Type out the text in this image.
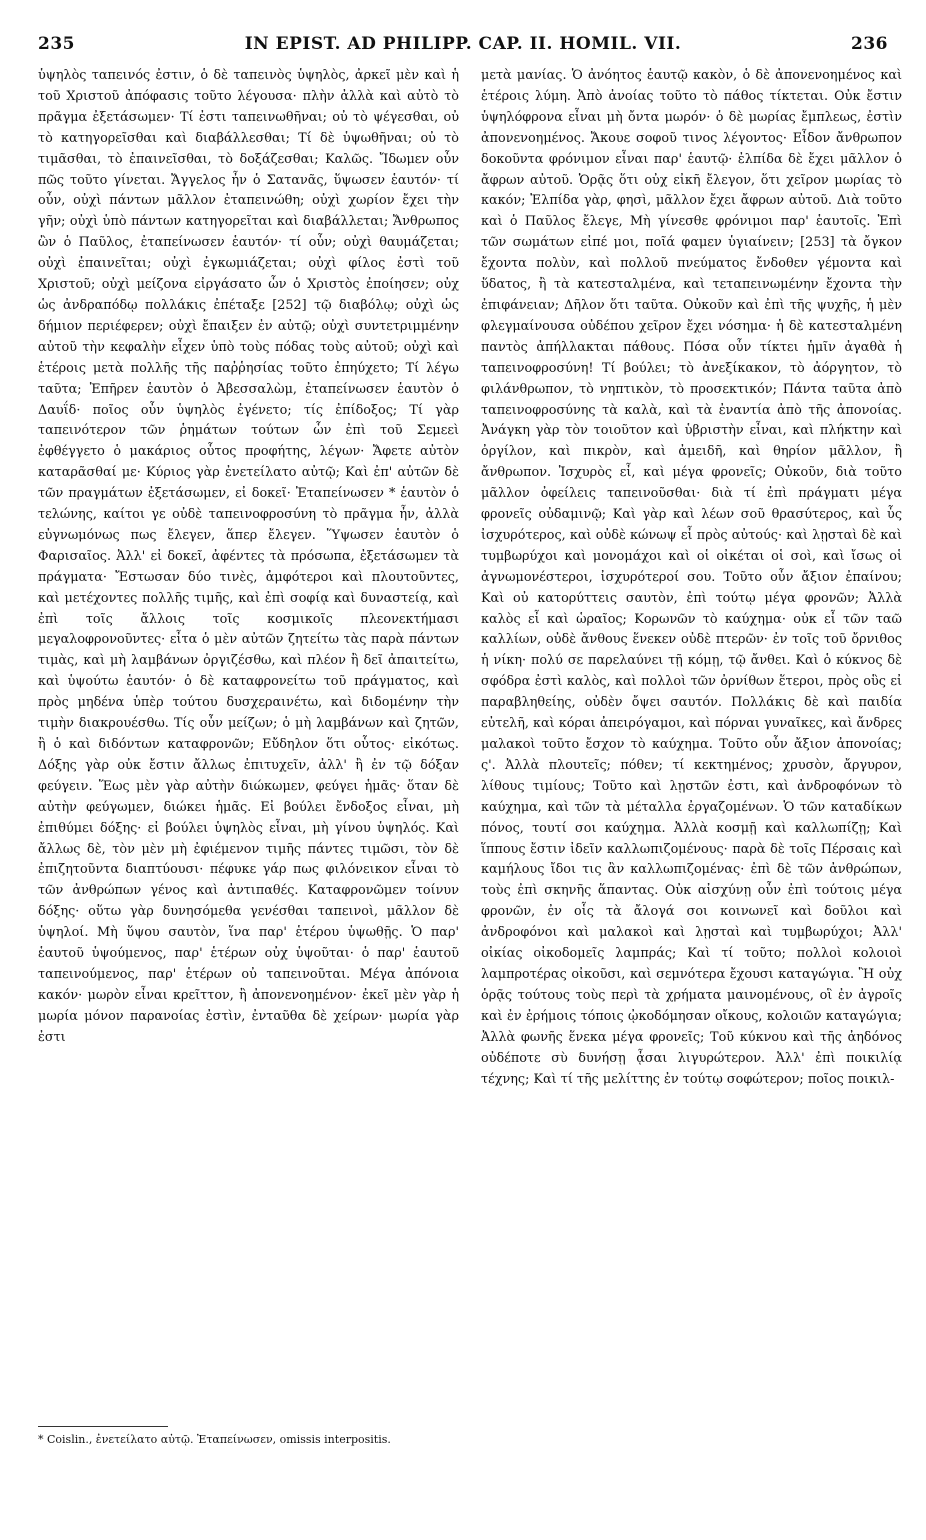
235	IN EPIST. AD PHILIPP. CAP. II. HOMIL. VII.	236

ὑψηλὸς ταπεινός ἐστιν, ὁ δὲ ταπεινὸς ὑψηλὸς, ἀρκεῖ μὲν καὶ ἡ τοῦ Χριστοῦ ἀπόφασις τοῦτο λέγουσα· πλὴν ἀλλὰ καὶ αὐτὸ τὸ πρᾶγμα ἐξετάσωμεν· Τί ἐστι ταπεινωθῆναι; οὐ τὸ ψέγεσθαι, οὐ τὸ κατηγορεῖσθαι καὶ διαβάλλεσθαι; Τί δὲ ὑψωθῆναι; οὐ τὸ τιμᾶσθαι, τὸ ἐπαινεῖσθαι, τὸ δοξάζεσθαι; Καλῶς. Ἴδωμεν οὖν πῶς τοῦτο γίνεται. Ἄγγελος ἦν ὁ Σατανᾶς, ὕψωσεν ἑαυτόν· τί οὖν, οὐχὶ πάντων μᾶλλον ἐταπεινώθη; οὐχὶ χωρίον ἔχει τὴν γῆν; οὐχὶ ὑπὸ πάντων κατηγορεῖται καὶ διαβάλλεται; Ἄνθρωπος ὢν ὁ Παῦλος, ἐταπείνωσεν ἑαυτόν· τί οὖν; οὐχὶ θαυμάζεται; οὐχὶ ἐπαινεῖται; οὐχὶ ἐγκωμιάζεται; οὐχὶ φίλος ἐστὶ τοῦ Χριστοῦ; οὐχὶ μείζονα εἰργάσατο ὧν ὁ Χριστὸς ἐποίησεν; οὐχ ὡς ἀνδραπόδῳ πολλάκις ἐπέταξε [252] τῷ διαβόλῳ; οὐχὶ ὡς δήμιον περιέφερεν; οὐχὶ ἔπαιξεν ἐν αὐτῷ; οὐχὶ συντετριμμένην αὐτοῦ τὴν κεφαλὴν εἶχεν ὑπὸ τοὺς πόδας τοὺς αὐτοῦ; οὐχὶ καὶ ἑτέροις μετὰ πολλῆς τῆς παῤῥησίας τοῦτο ἐπηύχετο; Τί λέγω ταῦτα; Ἐπῆρεν ἑαυτὸν ὁ Ἀβεσσαλὼμ, ἐταπείνωσεν ἑαυτὸν ὁ Δαυΐδ· ποῖος οὖν ὑψηλὸς ἐγένετο; τίς ἐπίδοξος; Τί γὰρ ταπεινότερον τῶν ῥημάτων τούτων ὧν ἐπὶ τοῦ Σεμεεὶ ἐφθέγγετο ὁ μακάριος οὗτος προφήτης, λέγων· Ἄφετε αὐτὸν καταρᾶσθαί με· Κύριος γὰρ ἐνετείλατο αὐτῷ; Καὶ ἐπ' αὐτῶν δὲ τῶν πραγμάτων ἐξετάσωμεν, εἰ δοκεῖ· Ἐταπείνωσεν * ἑαυτὸν ὁ τελώνης, καίτοι γε οὐδὲ ταπεινοφροσύνη τὸ πρᾶγμα ἦν, ἀλλὰ εὐγνωμόνως πως ἔλεγεν, ἅπερ ἔλεγεν. Ὕψωσεν ἑαυτὸν ὁ Φαρισαῖος. Ἀλλ' εἰ δοκεῖ, ἀφέντες τὰ πρόσωπα, ἐξετάσωμεν τὰ πράγματα· Ἔστωσαν δύο τινὲς, ἀμφότεροι καὶ πλουτοῦντες, καὶ μετέχοντες πολλῆς τιμῆς, καὶ ἐπὶ σοφίᾳ καὶ δυναστείᾳ, καὶ ἐπὶ τοῖς ἄλλοις τοῖς κοσμικοῖς πλεονεκτήμασι μεγαλοφρονοῦντες· εἶτα ὁ μὲν αὐτῶν ζητείτω τὰς παρὰ πάντων τιμὰς, καὶ μὴ λαμβάνων ὀργιζέσθω, καὶ πλέον ἢ δεῖ ἀπαιτείτω, καὶ ὑψούτω ἑαυτόν· ὁ δὲ καταφρονείτω τοῦ πράγματος, καὶ πρὸς μηδένα ὑπὲρ τούτου δυσχεραινέτω, καὶ διδομένην τὴν τιμὴν διακρουέσθω. Τίς οὖν μείζων; ὁ μὴ λαμβάνων καὶ ζητῶν, ἢ ὁ καὶ διδόντων καταφρονῶν; Εὔδηλον ὅτι οὗτος· εἰκότως. Δόξης γὰρ οὐκ ἔστιν ἄλλως ἐπιτυχεῖν, ἀλλ' ἢ ἐν τῷ δόξαν φεύγειν. Ἕως μὲν γὰρ αὐτὴν διώκωμεν, φεύγει ἡμᾶς· ὅταν δὲ αὐτὴν φεύγωμεν, διώκει ἡμᾶς. Εἰ βούλει ἔνδοξος εἶναι, μὴ ἐπιθύμει δόξης· εἰ βούλει ὑψηλὸς εἶναι, μὴ γίνου ὑψηλός. Καὶ ἄλλως δὲ, τὸν μὲν μὴ ἐφιέμενον τιμῆς πάντες τιμῶσι, τὸν δὲ ἐπιζητοῦντα διαπτύουσι· πέφυκε γάρ πως φιλόνεικον εἶναι τὸ τῶν ἀνθρώπων γένος καὶ ἀντιπαθές. Καταφρονῶμεν τοίνυν δόξης· οὕτω γὰρ δυνησόμεθα γενέσθαι ταπεινοὶ, μᾶλλον δὲ ὑψηλοί. Μὴ ὕψου σαυτὸν, ἵνα παρ' ἑτέρου ὑψωθῇς. Ὁ παρ' ἑαυτοῦ ὑψούμενος, παρ' ἑτέρων οὐχ ὑψοῦται· ὁ παρ' ἑαυτοῦ ταπεινούμενος, παρ' ἑτέρων οὐ ταπεινοῦται. Μέγα ἀπόνοια κακόν· μωρὸν εἶναι κρεῖττον, ἢ ἀπονενοημένον· ἐκεῖ μὲν γὰρ ἡ μωρία μόνον παρανοίας ἐστὶν, ἐνταῦθα δὲ χείρων· μωρία γὰρ ἐστι

μετὰ μανίας. Ὁ ἀνόητος ἑαυτῷ κακὸν, ὁ δὲ ἀπονενοημένος καὶ ἑτέροις λύμη. Ἀπὸ ἀνοίας τοῦτο τὸ πάθος τίκτεται. Οὐκ ἔστιν ὑψηλόφρονα εἶναι μὴ ὄντα μωρόν· ὁ δὲ μωρίας ἔμπλεως, ἐστὶν ἀπονενοημένος. Ἄκουε σοφοῦ τινος λέγοντος· Εἶδον ἄνθρωπον δοκοῦντα φρόνιμον εἶναι παρ' ἑαυτῷ· ἐλπίδα δὲ ἔχει μᾶλλον ὁ ἄφρων αὐτοῦ. Ὁρᾷς ὅτι οὐχ εἰκῆ ἔλεγον, ὅτι χεῖρον μωρίας τὸ κακόν; Ἐλπίδα γὰρ, φησὶ, μᾶλλον ἔχει ἄφρων αὐτοῦ. Διὰ τοῦτο καὶ ὁ Παῦλος ἔλεγε, Μὴ γίνεσθε φρόνιμοι παρ' ἑαυτοῖς. Ἐπὶ τῶν σωμάτων εἰπέ μοι, ποῖά φαμεν ὑγιαίνειν; [253] τὰ ὄγκον ἔχοντα πολὺν, καὶ πολλοῦ πνεύματος ἔνδοθεν γέμοντα καὶ ὕδατος, ἢ τὰ κατεσταλμένα, καὶ τεταπεινωμένην ἔχοντα τὴν ἐπιφάνειαν; Δῆλον ὅτι ταῦτα. Οὐκοῦν καὶ ἐπὶ τῆς ψυχῆς, ἡ μὲν φλεγμαίνουσα οὐδέπου χεῖρον ἔχει νόσημα· ἡ δὲ κατεσταλμένη παντὸς ἀπήλλακται πάθους. Πόσα οὖν τίκτει ἡμῖν ἀγαθὰ ἡ ταπεινοφροσύνη! Τί βούλει; τὸ ἀνεξίκακον, τὸ ἀόργητον, τὸ φιλάνθρωπον, τὸ νηπτικὸν, τὸ προσεκτικόν; Πάντα ταῦτα ἀπὸ ταπεινοφροσύνης τὰ καλὰ, καὶ τὰ ἐναντία ἀπὸ τῆς ἀπονοίας. Ἀνάγκη γὰρ τὸν τοιοῦτον καὶ ὑβριστὴν εἶναι, καὶ πλήκτην καὶ ὀργίλον, καὶ πικρὸν, καὶ ἀμειδῆ, καὶ θηρίον μᾶλλον, ἢ ἄνθρωπον. Ἰσχυρὸς εἶ, καὶ μέγα φρονεῖς; Οὐκοῦν, διὰ τοῦτο μᾶλλον ὀφείλεις ταπεινοῦσθαι· διὰ τί ἐπὶ πράγματι μέγα φρονεῖς οὐδαμινῷ; Καὶ γὰρ καὶ λέων σοῦ θρασύτερος, καὶ ὗς ἰσχυρότερος, καὶ οὐδὲ κώνωψ εἶ πρὸς αὐτούς· καὶ λῃσταὶ δὲ καὶ τυμβωρύχοι καὶ μονομάχοι καὶ οἱ οἰκέται οἱ σοὶ, καὶ ἴσως οἱ ἀγνωμονέστεροι, ἰσχυρότεροί σου. Τοῦτο οὖν ἄξιον ἐπαίνου; Καὶ οὐ κατορύττεις σαυτὸν, ἐπὶ τούτῳ μέγα φρονῶν; Ἀλλὰ καλὸς εἶ καὶ ὡραῖος; Κορωνῶν τὸ καύχημα· οὐκ εἶ τῶν ταῶ καλλίων, οὐδὲ ἄνθους ἕνεκεν οὐδὲ πτερῶν· ἐν τοῖς τοῦ ὄρνιθος ἡ νίκη· πολύ σε παρελαύνει τῇ κόμῃ, τῷ ἄνθει. Καὶ ὁ κύκνος δὲ σφόδρα ἐστὶ καλὸς, καὶ πολλοὶ τῶν ὀρνίθων ἕτεροι, πρὸς οὓς εἰ παραβληθείης, οὐδὲν ὄψει σαυτόν. Πολλάκις δὲ καὶ παιδία εὐτελῆ, καὶ κόραι ἀπειρόγαμοι, καὶ πόρναι γυναῖκες, καὶ ἄνδρες μαλακοὶ τοῦτο ἔσχον τὸ καύχημα. Τοῦτο οὖν ἄξιον ἀπονοίας; ς'. Ἀλλὰ πλουτεῖς; πόθεν; τί κεκτημένος; χρυσὸν, ἄργυρον, λίθους τιμίους; Τοῦτο καὶ λῃστῶν ἐστι, καὶ ἀνδροφόνων τὸ καύχημα, καὶ τῶν τὰ μέταλλα ἐργαζομένων. Ὁ τῶν καταδίκων πόνος, τουτί σοι καύχημα. Ἀλλὰ κοσμῇ καὶ καλλωπίζῃ; Καὶ ἵππους ἔστιν ἰδεῖν καλλωπιζομένους· παρὰ δὲ τοῖς Πέρσαις καὶ καμήλους ἴδοι τις ἂν καλλωπιζομένας· ἐπὶ δὲ τῶν ἀνθρώπων, τοὺς ἐπὶ σκηνῆς ἅπαντας. Οὐκ αἰσχύνῃ οὖν ἐπὶ τούτοις μέγα φρονῶν, ἐν οἷς τὰ ἄλογά σοι κοινωνεῖ καὶ δοῦλοι καὶ ἀνδροφόνοι καὶ μαλακοὶ καὶ λῃσταὶ καὶ τυμβωρύχοι; Ἀλλ' οἰκίας οἰκοδομεῖς λαμπράς; Καὶ τί τοῦτο; πολλοὶ κολοιοὶ λαμπροτέρας οἰκοῦσι, καὶ σεμνότερα ἔχουσι καταγώγια. Ἢ οὐχ ὁρᾷς τούτους τοὺς περὶ τὰ χρήματα μαινομένους, οἳ ἐν ἀγροῖς καὶ ἐν ἐρήμοις τόποις ᾠκοδόμησαν οἴκους, κολοιῶν καταγώγια; Ἀλλὰ φωνῆς ἕνεκα μέγα φρονεῖς; Τοῦ κύκνου καὶ τῆς ἀηδόνος οὐδέποτε σὺ δυνήσῃ ᾆσαι λιγυρώτερον. Ἀλλ' ἐπὶ ποικιλίᾳ τέχνης; Καὶ τί τῆς μελίττης ἐν τούτῳ σοφώτερον; ποῖος ποικιλ-

* Coislin., ἐνετείλατο αὐτῷ. Ἐταπείνωσεν, omissis interpositis.
